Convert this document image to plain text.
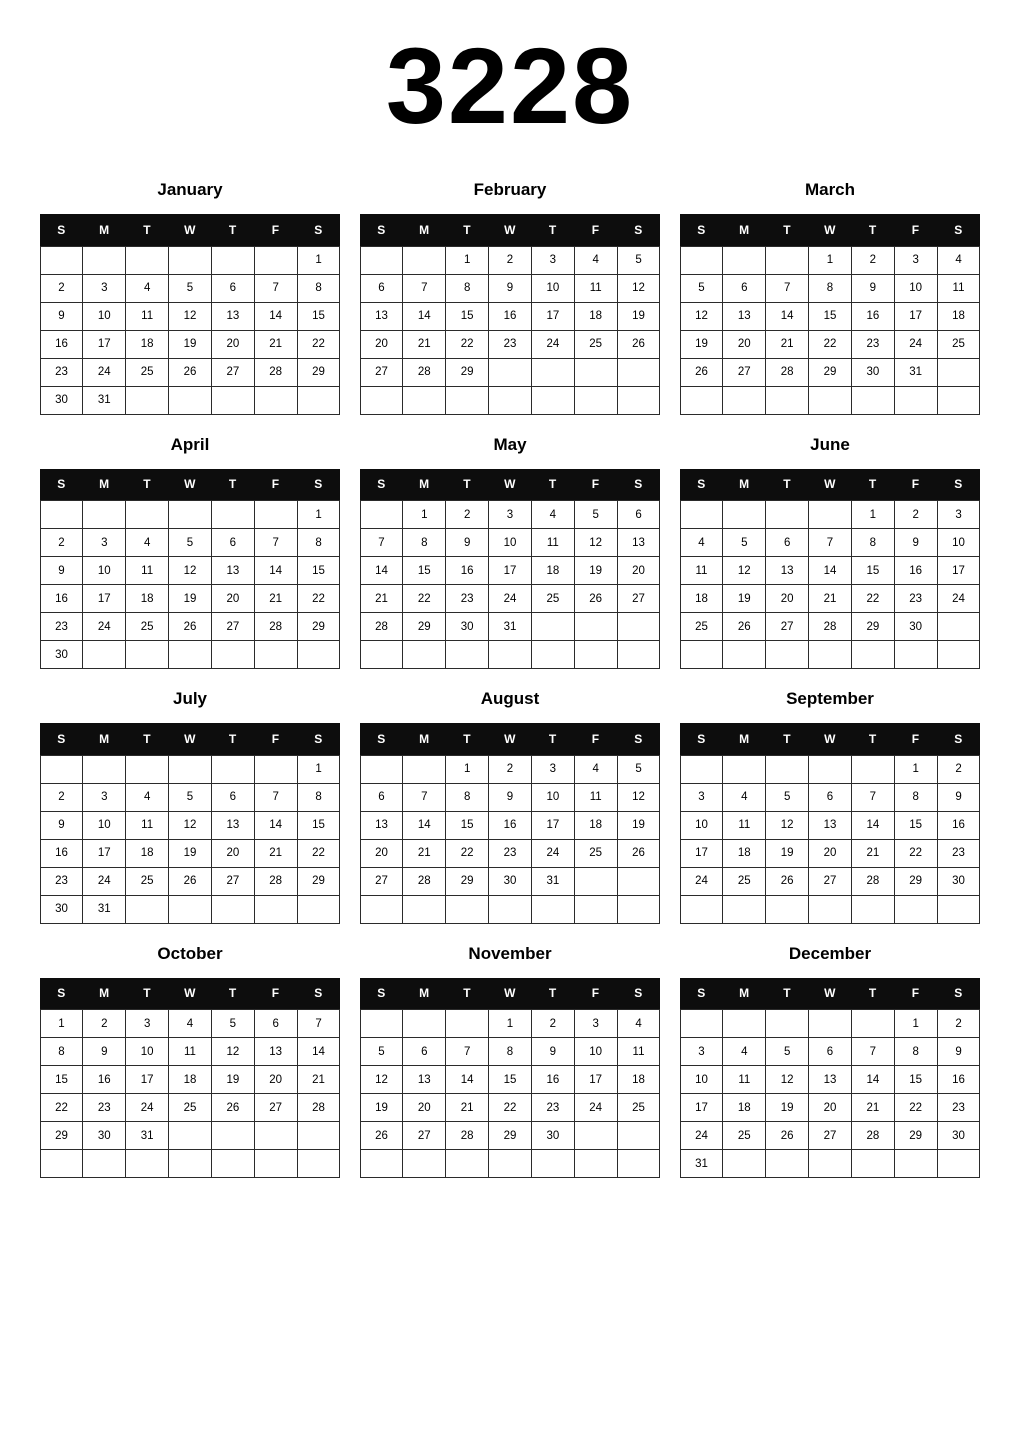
3228
January
S	M	T	W	T	F	S
						1
2	3	4	5	6	7	8
9	10	11	12	13	14	15
16	17	18	19	20	21	22
23	24	25	26	27	28	29
30	31					
February
S	M	T	W	T	F	S
		1	2	3	4	5
6	7	8	9	10	11	12
13	14	15	16	17	18	19
20	21	22	23	24	25	26
27	28	29				

March
S	M	T	W	T	F	S
			1	2	3	4
5	6	7	8	9	10	11
12	13	14	15	16	17	18
19	20	21	22	23	24	25
26	27	28	29	30	31	

April
S	M	T	W	T	F	S
						1
2	3	4	5	6	7	8
9	10	11	12	13	14	15
16	17	18	19	20	21	22
23	24	25	26	27	28	29
30						
May
S	M	T	W	T	F	S
	1	2	3	4	5	6
7	8	9	10	11	12	13
14	15	16	17	18	19	20
21	22	23	24	25	26	27
28	29	30	31			

June
S	M	T	W	T	F	S
				1	2	3
4	5	6	7	8	9	10
11	12	13	14	15	16	17
18	19	20	21	22	23	24
25	26	27	28	29	30	

July
S	M	T	W	T	F	S
						1
2	3	4	5	6	7	8
9	10	11	12	13	14	15
16	17	18	19	20	21	22
23	24	25	26	27	28	29
30	31					
August
S	M	T	W	T	F	S
		1	2	3	4	5
6	7	8	9	10	11	12
13	14	15	16	17	18	19
20	21	22	23	24	25	26
27	28	29	30	31		

September
S	M	T	W	T	F	S
					1	2
3	4	5	6	7	8	9
10	11	12	13	14	15	16
17	18	19	20	21	22	23
24	25	26	27	28	29	30

October
S	M	T	W	T	F	S
1	2	3	4	5	6	7
8	9	10	11	12	13	14
15	16	17	18	19	20	21
22	23	24	25	26	27	28
29	30	31				

November
S	M	T	W	T	F	S
			1	2	3	4
5	6	7	8	9	10	11
12	13	14	15	16	17	18
19	20	21	22	23	24	25
26	27	28	29	30		

December
S	M	T	W	T	F	S
					1	2
3	4	5	6	7	8	9
10	11	12	13	14	15	16
17	18	19	20	21	22	23
24	25	26	27	28	29	30
31						
